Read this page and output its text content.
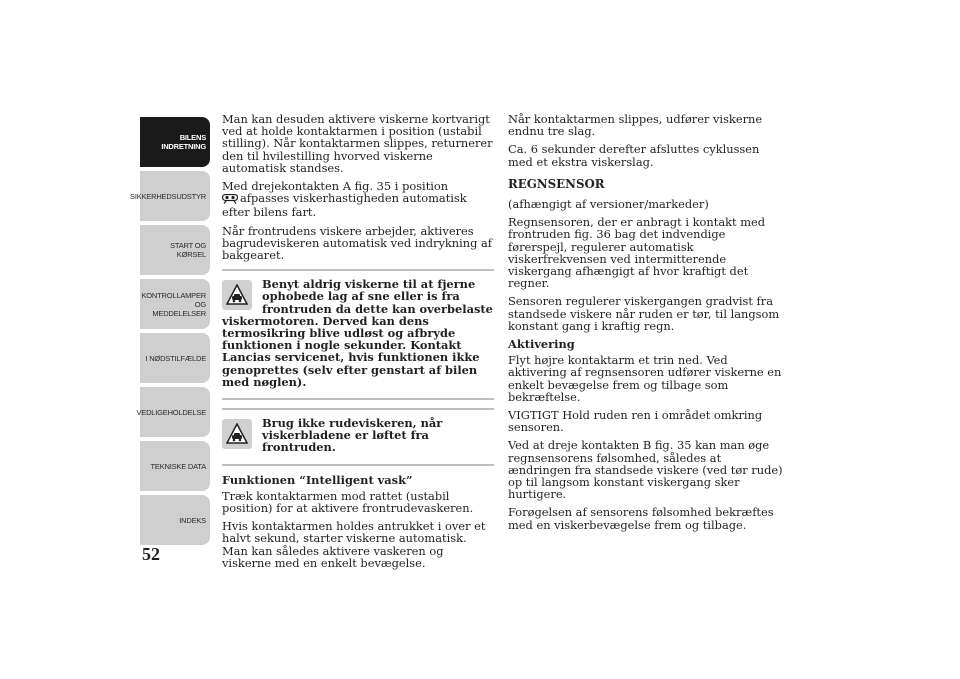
BILENS
INDRETNING
SIKKERHEDSUDSTYR
START OG KØRSEL
KONTROLLAMPER
OG MEDDELELSER
I NØDSTILFÆLDE
VEDLIGEHOLDELSE
TEKNISKE DATA
INDEKS
52

Man kan desuden aktivere viskerne kortvarigt ved at holde kontaktarmen i position (ustabil stilling). Når kontaktarmen slippes, returnerer den til hvilestilling hvorved viskerne automatisk standses.

Med drejekontakten A fig. 35 i position
afpasses viskerhastigheden automatisk efter bilens fart.

Når frontrudens viskere arbejder, aktiveres bagrudeviskeren automatisk ved indrykning af bakgearet.

Benyt aldrig viskerne til at fjerne ophobede lag af sne eller is fra frontruden da dette kan overbelaste viskermotoren. Derved kan dens termosikring blive udløst og afbryde funktionen i nogle sekunder. Kontakt Lancias servicenet, hvis funktionen ikke genoprettes (selv efter genstart af bilen med nøglen).
Brug ikke rudeviskeren, når viskerbladene er løftet fra frontruden.

Funktionen “Intelligent vask”

Træk kontaktarmen mod rattet (ustabil position) for at aktivere frontrudevaskeren.

Hvis kontaktarmen holdes antrukket i over et halvt sekund, starter viskerne automatisk. Man kan således aktivere vaskeren og viskerne med en enkelt bevægelse.

Når kontaktarmen slippes, udfører viskerne endnu tre slag.

Ca. 6 sekunder derefter afsluttes cyklussen med et ekstra viskerslag.

REGNSENSOR

(afhængigt af versioner/markeder)

Regnsensoren, der er anbragt i kontakt med frontruden fig. 36 bag det indvendige førerspejl, regulerer automatisk viskerfrekvensen ved intermitterende viskergang afhængigt af hvor kraftigt det regner.

Sensoren regulerer viskergangen gradvist fra standsede viskere når ruden er tør, til langsom konstant gang i kraftig regn.

Aktivering

Flyt højre kontaktarm et trin ned. Ved aktivering af regnsensoren udfører viskerne en enkelt bevægelse frem og tilbage som bekræftelse.

VIGTIGT Hold ruden ren i området omkring sensoren.

Ved at dreje kontakten B fig. 35 kan man øge regnsensorens følsomhed, således at ændringen fra standsede viskere (ved tør rude) op til langsom konstant viskergang sker hurtigere.

Forøgelsen af sensorens følsomhed bekræftes med en viskerbevægelse frem og tilbage.
